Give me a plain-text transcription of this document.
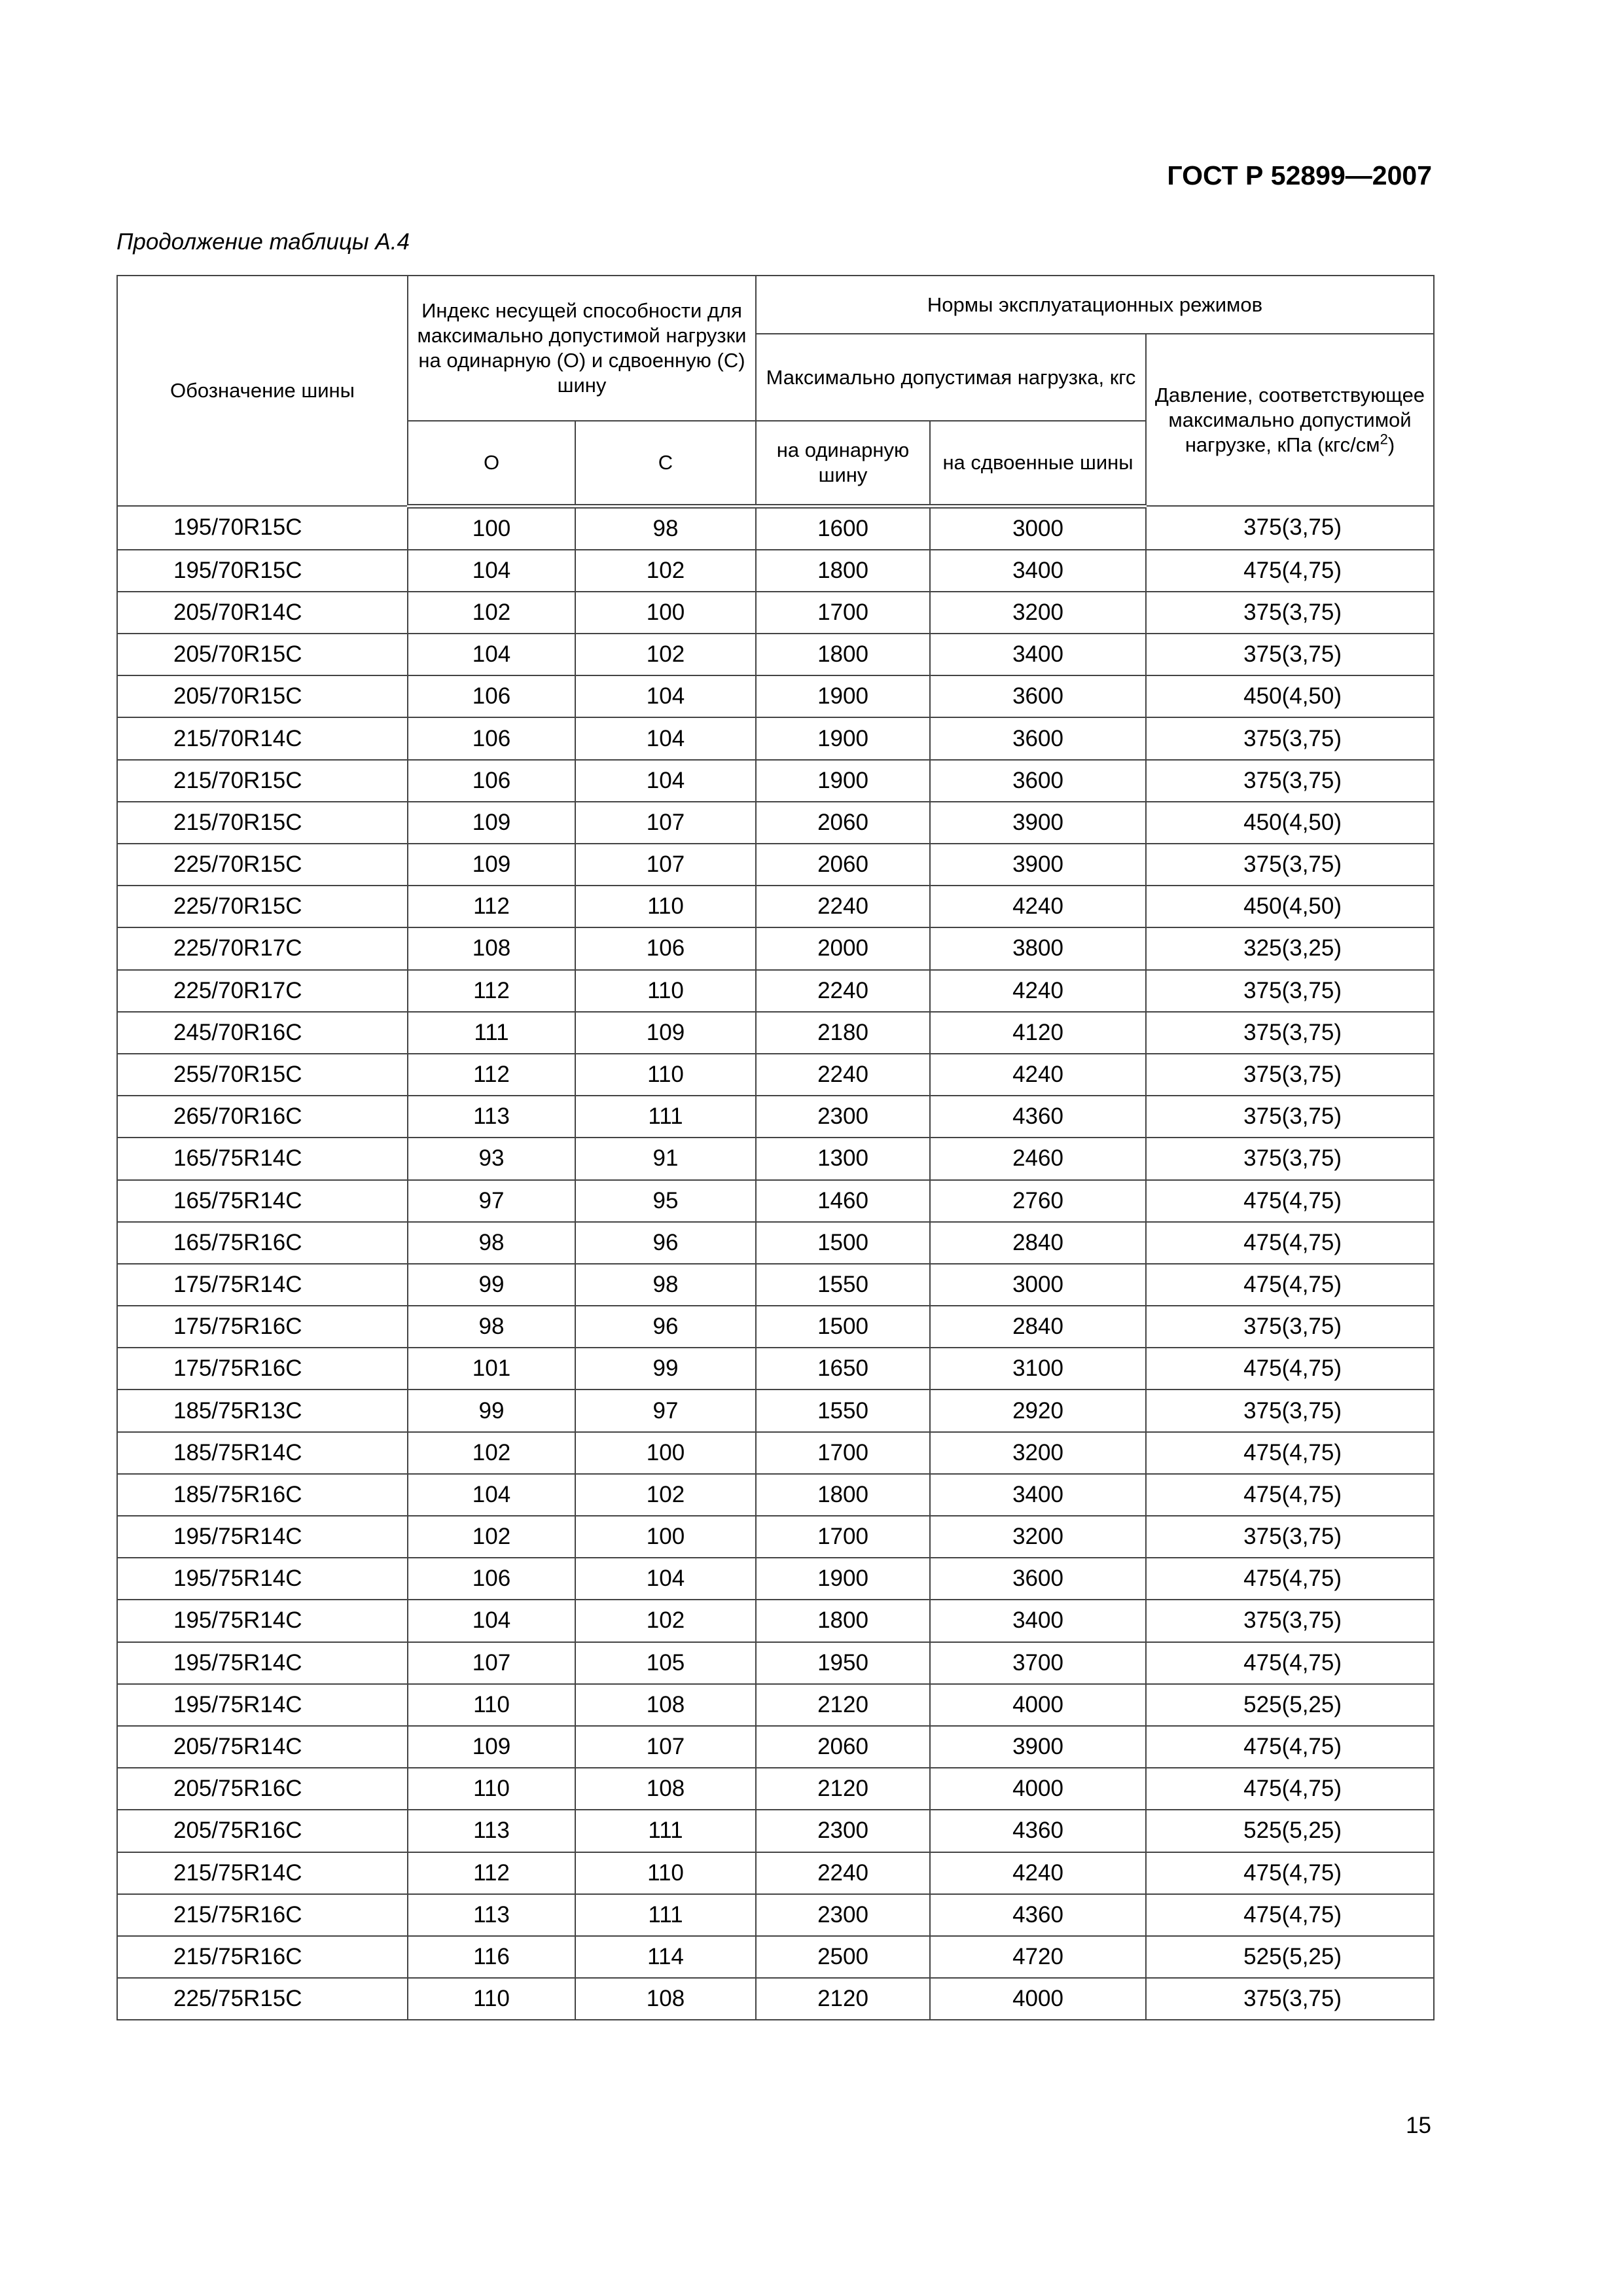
ГОСТ Р 52899—2007

Продолжение таблицы А.4

Обозначение шины	Индекс несущей способности для максимально допустимой нагрузки на одинарную (О) и сдвоенную (С) шину		Нормы эксплуатационных режимов		
			Максимально допустимая нагрузка, кгс		Давление, соответствующее максимально допустимой нагрузке, кПа $(кгс/см^2)$

	О	С	на одинарную шину	на сдвоенные шины	
195/70R15C	100	98	1600	3000	375(3,75)
195/70R15C	104	102	1800	3400	475(4,75)
205/70R14C	102	100	1700	3200	375(3,75)
205/70R15C	104	102	1800	3400	375(3,75)
205/70R15C	106	104	1900	3600	450(4,50)
215/70R14C	106	104	1900	3600	375(3,75)
215/70R15C	106	104	1900	3600	375(3,75)
215/70R15C	109	107	2060	3900	450(4,50)
225/70R15C	109	107	2060	3900	375(3,75)
225/70R15C	112	110	2240	4240	450(4,50)
225/70R17C	108	106	2000	3800	325(3,25)
225/70R17C	112	110	2240	4240	375(3,75)
245/70R16C	111	109	2180	4120	375(3,75)
255/70R15C	112	110	2240	4240	375(3,75)
265/70R16C	113	111	2300	4360	375(3,75)
165/75R14C	93	91	1300	2460	375(3,75)
165/75R14C	97	95	1460	2760	475(4,75)
165/75R16C	98	96	1500	2840	475(4,75)
175/75R14C	99	98	1550	3000	475(4,75)
175/75R16C	98	96	1500	2840	375(3,75)
175/75R16C	101	99	1650	3100	475(4,75)
185/75R13C	99	97	1550	2920	375(3,75)
185/75R14C	102	100	1700	3200	475(4,75)
185/75R16C	104	102	1800	3400	475(4,75)
195/75R14C	102	100	1700	3200	375(3,75)
195/75R14C	106	104	1900	3600	475(4,75)
195/75R14C	104	102	1800	3400	375(3,75)
195/75R14C	107	105	1950	3700	475(4,75)
195/75R14C	110	108	2120	4000	525(5,25)
205/75R14C	109	107	2060	3900	475(4,75)
205/75R16C	110	108	2120	4000	475(4,75)
205/75R16C	113	111	2300	4360	525(5,25)
215/75R14C	112	110	2240	4240	475(4,75)
215/75R16C	113	111	2300	4360	475(4,75)
215/75R16C	116	114	2500	4720	525(5,25)
225/75R15C	110	108	2120	4000	375(3,75)

15
